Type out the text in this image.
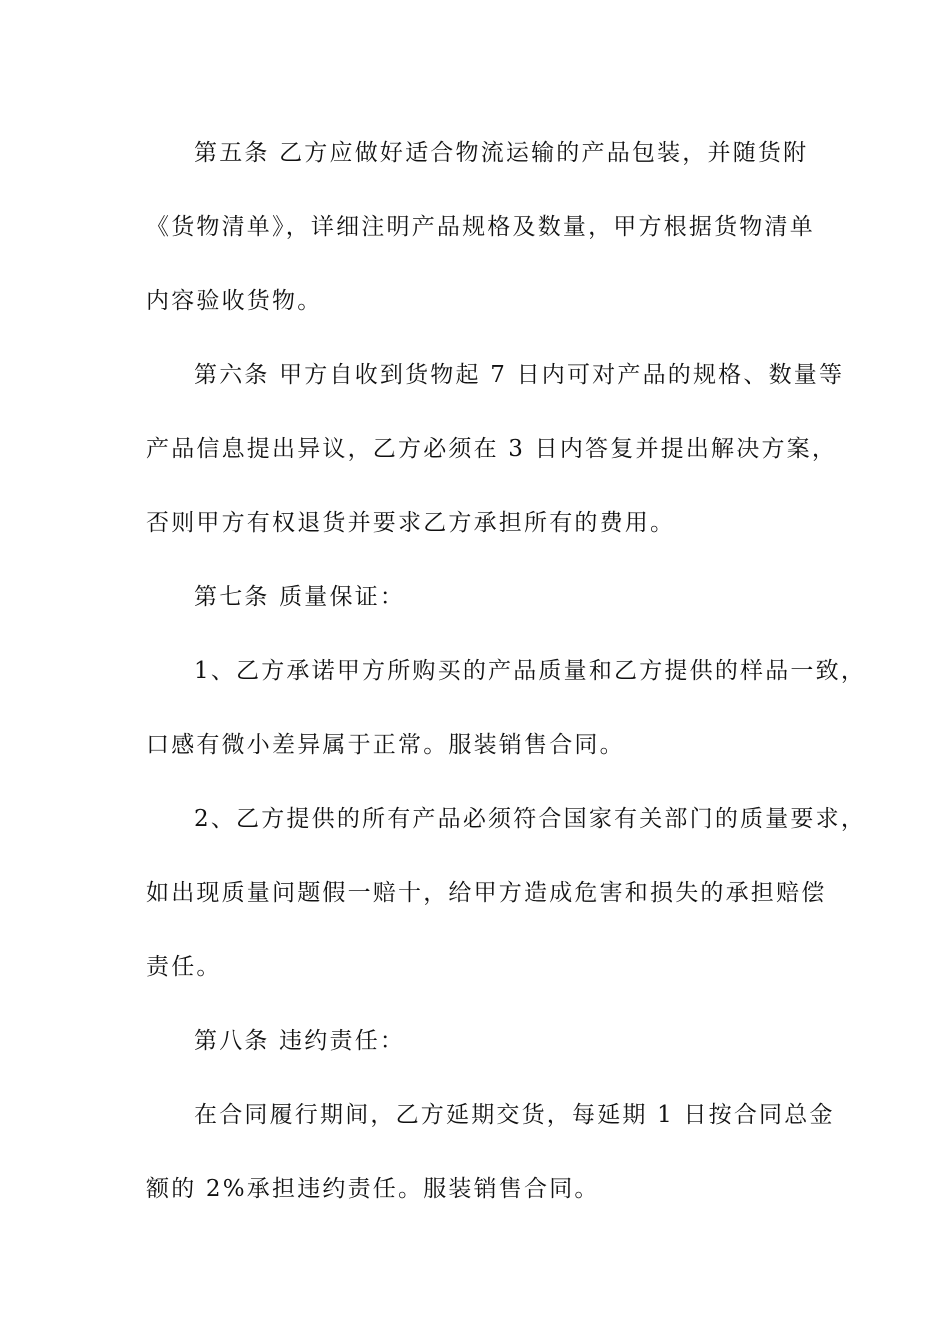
第五条 乙方应做好适合物流运输的产品包装，并随货附
《货物清单》，详细注明产品规格及数量，甲方根据货物清单
内容验收货物。
第六条 甲方自收到货物起 7 日内可对产品的规格、数量等
产品信息提出异议，乙方必须在 3 日内答复并提出解决方案，
否则甲方有权退货并要求乙方承担所有的费用。
第七条 质量保证：
1、乙方承诺甲方所购买的产品质量和乙方提供的样品一致，
口感有微小差异属于正常。服装销售合同。
2、乙方提供的所有产品必须符合国家有关部门的质量要求，
如出现质量问题假一赔十，给甲方造成危害和损失的承担赔偿
责任。
第八条 违约责任：
在合同履行期间，乙方延期交货，每延期 1 日按合同总金
额的 2%承担违约责任。服装销售合同。
